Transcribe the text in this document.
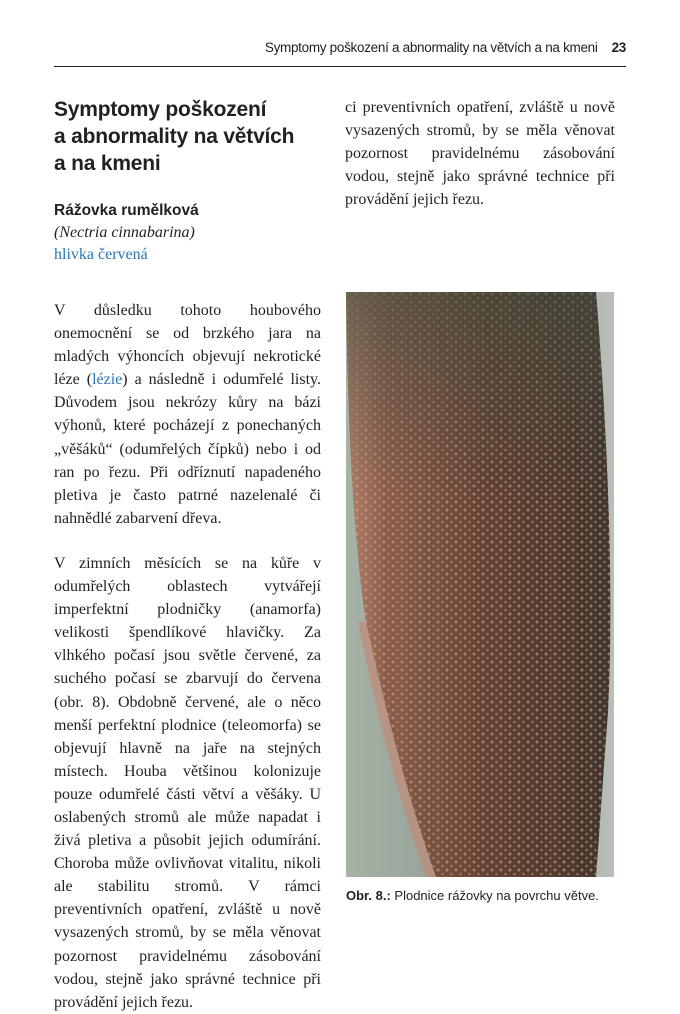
Symptomy poškození a abnormality na větvích a na kmeni 23
Symptomy poškození
a abnormality na větvích
a na kmeni
Rážovka rumělková
(Nectria cinnabarina)
hlivka červená

V důsledku tohoto houbového onemocnění se od brzkého jara na mladých výhoncích objevují nekrotické léze (lézie) a následně i odumřelé listy. Důvodem jsou nekrózy kůry na bázi výhonů, které pocházejí z ponechaných „věšáků“ (odumřelých čípků) nebo i od ran po řezu. Při odříznutí napadeného pletiva je často patrné nazelenalé či nahnědlé zabarvení dřeva.

V zimních měsících se na kůře v odumřelých oblastech vytvářejí imperfektní plodničky (anamorfa) velikosti špendlíkové hlavičky. Za vlhkého počasí jsou světle červené, za suchého počasí se zbarvují do červena (obr. 8). Obdobně červené, ale o něco menší perfektní plodnice (teleomorfa) se objevují hlavně na jaře na stejných místech. Houba většinou kolonizuje pouze odumřelé části větví a věšáky. U oslabených stromů ale může napadat i živá pletiva a působit jejich odumírání. Choroba může ovlivňovat vitalitu, nikoli ale stabilitu stromů. V rámci preventivních opatření, zvláště u nově vysazených stromů, by se měla věnovat pozornost pravidelnému zásobování vodou, stejně jako správné technice při provádění jejich řezu.

ci preventivních opatření, zvláště u nově vysazených stromů, by se měla věnovat pozornost pravidelnému zásobování vodou, stejně jako správné technice při provádění jejich řezu.

Obr. 8.: Plodnice rážovky na povrchu větve.
